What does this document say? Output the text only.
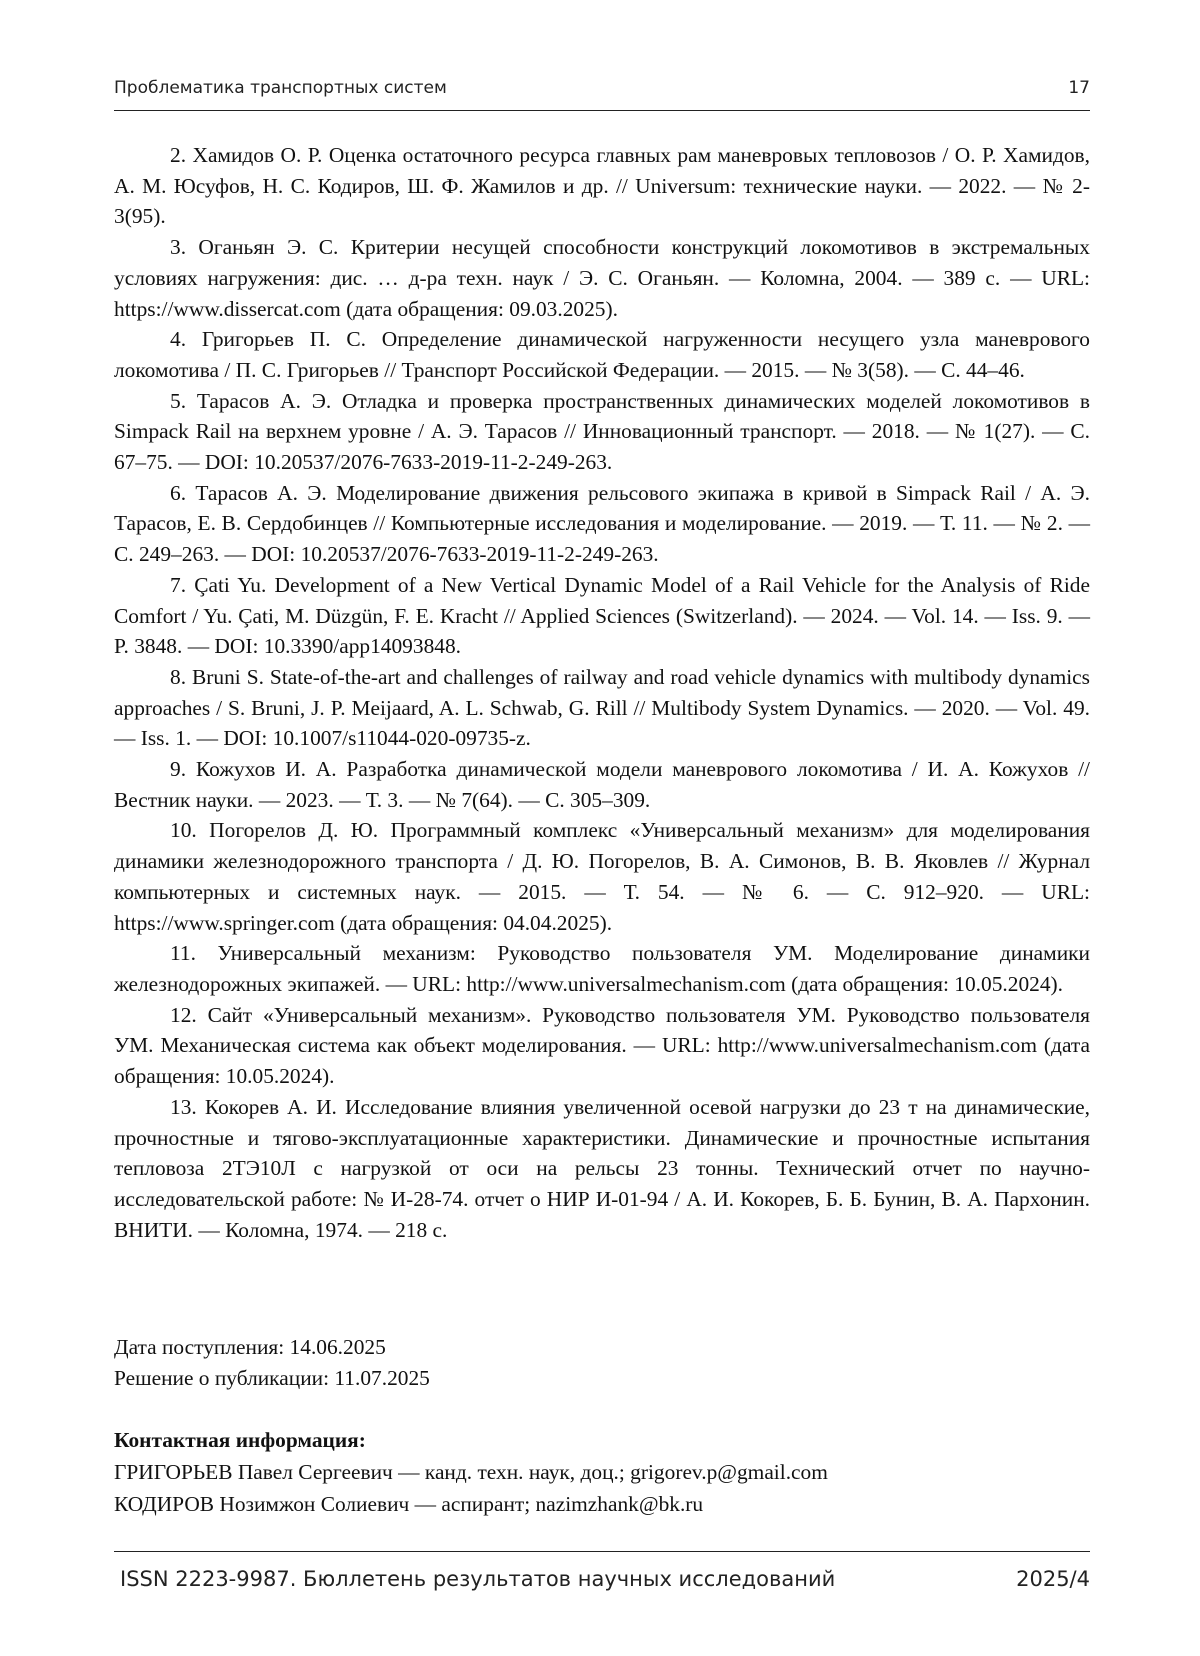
Проблематика транспортных систем	17

2. Хамидов О. Р. Оценка остаточного ресурса главных рам маневровых тепловозов / О. Р. Хамидов, А. М. Юсуфов, Н. С. Кодиров, Ш. Ф. Жамилов и др. // Universum: технические науки. — 2022. — № 2-3(95).

3. Оганьян Э. С. Критерии несущей способности конструкций локомотивов в экстремальных условиях нагружения: дис. … д-ра техн. наук / Э. С. Оганьян. — Коломна, 2004. — 389 с. — URL: https://www.dissercat.com (дата обращения: 09.03.2025).

4. Григорьев П. С. Определение динамической нагруженности несущего узла маневрового локомотива / П. С. Григорьев // Транспорт Российской Федерации. — 2015. — № 3(58). — С. 44–46.

5. Тарасов А. Э. Отладка и проверка пространственных динамических моделей локомотивов в Simpack Rail на верхнем уровне / А. Э. Тарасов // Инновационный транспорт. — 2018. — № 1(27). — С. 67–75. — DOI: 10.20537/2076-7633-2019-11-2-249-263.

6. Тарасов А. Э. Моделирование движения рельсового экипажа в кривой в Simpack Rail / А. Э. Тарасов, Е. В. Сердобинцев // Компьютерные исследования и моделирование. — 2019. — Т. 11. — № 2. — С. 249–263. — DOI: 10.20537/2076-7633-2019-11-2-249-263.

7. Çati Yu. Development of a New Vertical Dynamic Model of a Rail Vehicle for the Analysis of Ride Comfort / Yu. Çati, M. Düzgün, F. E. Kracht // Applied Sciences (Switzerland). — 2024. — Vol. 14. — Iss. 9. — P. 3848. — DOI: 10.3390/app14093848.

8. Bruni S. State-of-the-art and challenges of railway and road vehicle dynamics with multibody dynamics approaches / S. Bruni, J. P. Meijaard, A. L. Schwab, G. Rill // Multibody System Dynamics. — 2020. — Vol. 49. — Iss. 1. — DOI: 10.1007/s11044-020-09735-z.

9. Кожухов И. А. Разработка динамической модели маневрового локомотива / И. А. Кожухов // Вестник науки. — 2023. — Т. 3. — № 7(64). — С. 305–309.

10. Погорелов Д. Ю. Программный комплекс «Универсальный механизм» для моделирования динамики железнодорожного транспорта / Д. Ю. Погорелов, В. А. Симонов, В. В. Яковлев // Журнал компьютерных и системных наук. — 2015. — Т. 54. — № 6. — С. 912–920. — URL: https://www.springer.com (дата обращения: 04.04.2025).

11. Универсальный механизм: Руководство пользователя УМ. Моделирование динамики железнодорожных экипажей. — URL: http://www.universalmechanism.com (дата обращения: 10.05.2024).

12. Сайт «Универсальный механизм». Руководство пользователя УМ. Руководство пользователя УМ. Механическая система как объект моделирования. — URL: http://www.universalmechanism.com (дата обращения: 10.05.2024).

13. Кокорев А. И. Исследование влияния увеличенной осевой нагрузки до 23 т на динамические, прочностные и тягово-эксплуатационные характеристики. Динамические и прочностные испытания тепловоза 2ТЭ10Л с нагрузкой от оси на рельсы 23 тонны. Технический отчет по научно-исследовательской работе: № И-28-74. отчет о НИР И-01-94 / А. И. Кокорев, Б. Б. Бунин, В. А. Пархонин. ВНИТИ. — Коломна, 1974. — 218 с.

Дата поступления: 14.06.2025

Решение о публикации: 11.07.2025

Контактная информация:

ГРИГОРЬЕВ Павел Сергеевич — канд. техн. наук, доц.; grigorev.p@gmail.com

КОДИРОВ Нозимжон Солиевич — аспирант; nazimzhank@bk.ru

ISSN 2223-9987. Бюллетень результатов научных исследований	2025/4
